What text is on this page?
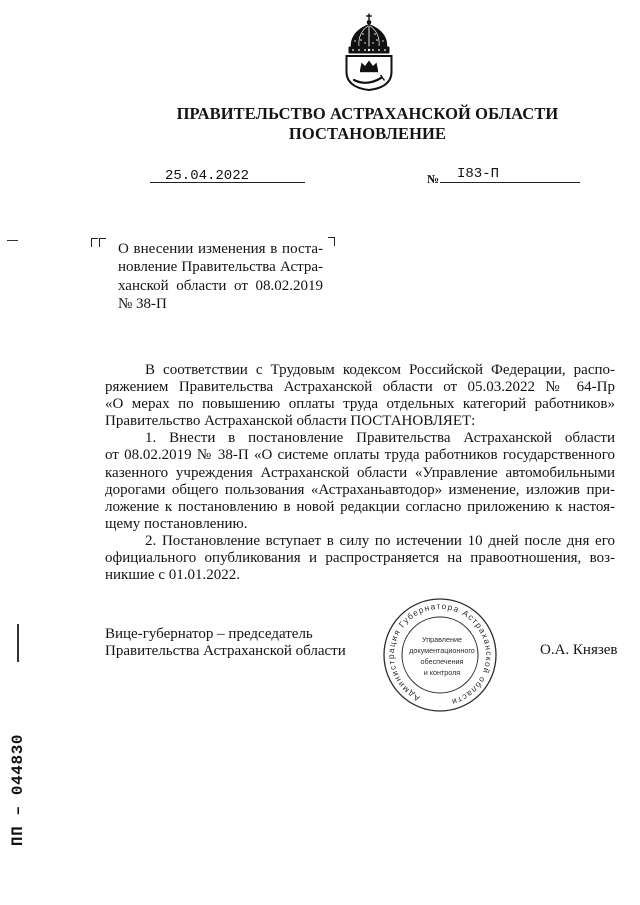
ПРАВИТЕЛЬСТВО АСТРАХАНСКОЙ ОБЛАСТИ
ПОСТАНОВЛЕНИЕ
25.04.2022	№ I83-П
О внесении изменения в поста-
новление Правительства Астра-
ханской области от 08.02.2019
№ 38-П
В соответствии с Трудовым кодексом Российской Федерации, распо-
ряжением Правительства Астраханской области от 05.03.2022 № 64-Пр
«О мерах по повышению оплаты труда отдельных категорий работников»
Правительство Астраханской области ПОСТАНОВЛЯЕТ:
1. Внести в постановление Правительства Астраханской области
от 08.02.2019 № 38-П «О системе оплаты труда работников государственного
казенного учреждения Астраханской области «Управление автомобильными
дорогами общего пользования «Астраханьавтодор» изменение, изложив при-
ложение к постановлению в новой редакции согласно приложению к настоя-
щему постановлению.
2. Постановление вступает в силу по истечении 10 дней после дня его
официального опубликования и распространяется на правоотношения, воз-
никшие с 01.01.2022.
Вице-губернатор – председатель
Правительства Астраханской области	О.А. Князев
Администрация Губернатора Астраханской области
Управление
документационного
обеспечения
и контроля
ПП – 044830
